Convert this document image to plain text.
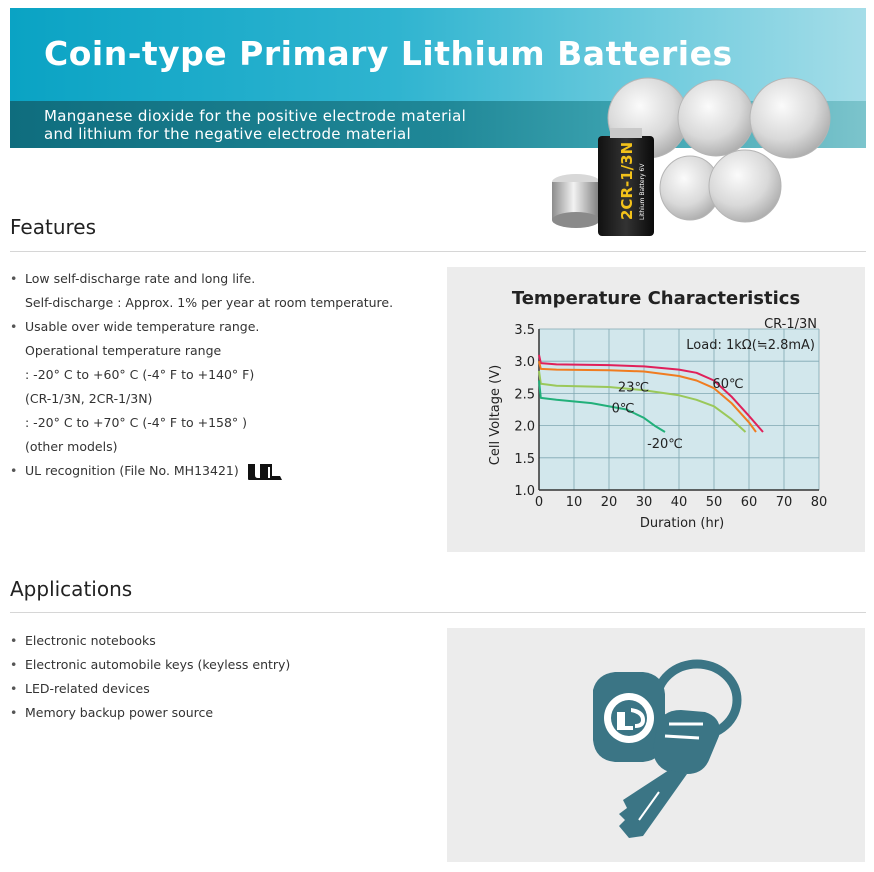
Coin-type Primary Lithium Batteries
Manganese dioxide for the positive electrode material
and lithium for the negative electrode material
2CR-1/3N Lithium Battery 6V
Features
• Low self-discharge rate and long life.
Self-discharge : Approx. 1% per year at room temperature.
• Usable over wide temperature range.
Operational temperature range
: -20° C to +60° C (-4° F to +140° F)
(CR-1/3N, 2CR-1/3N)
: -20° C to +70° C (-4° F to +158° )
(other models)
• UL recognition (File No. MH13421)
Temperature Characteristics
0 10 20 30 40 50 60 70 80
1.0
1.5
2.0
2.5
3.0
3.5
23℃	60℃
0℃
-20℃
CR-1/3N
Load: 1kΩ(≒2.8mA)
Duration (hr)
Cell Voltage (V)
Applications
• Electronic notebooks
• Electronic automobile keys (keyless entry)
• LED-related devices
• Memory backup power source
